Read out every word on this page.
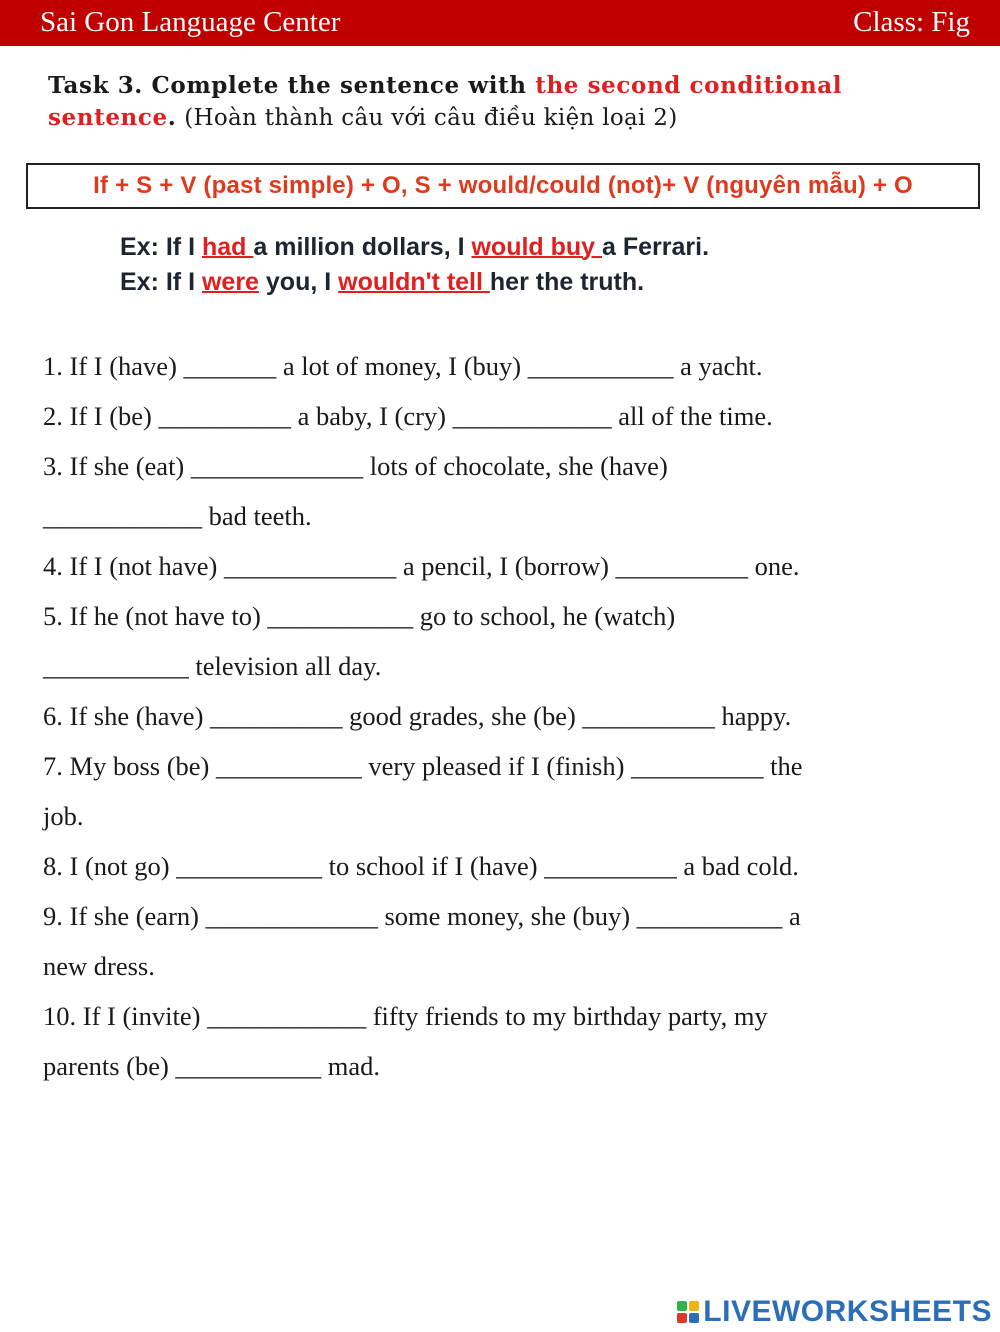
Sai Gon Language Center	Class: Fig
Task 3. Complete the sentence with the second conditional sentence. (Hoàn thành câu với câu điều kiện loại 2)
If + S + V (past simple) + O, S + would/could (not)+ V (nguyên mẫu) + O
Ex: If I had a million dollars, I would buy a Ferrari.
Ex: If I were you, I wouldn't tell her the truth.
1. If I (have) _______ a lot of money, I (buy) ___________ a yacht.
2. If I (be) __________ a baby, I (cry) ____________ all of the time.
3. If she (eat) _____________ lots of chocolate, she (have)
____________ bad teeth.
4. If I (not have) _____________ a pencil, I (borrow) __________ one.
5. If he (not have to) ___________ go to school, he (watch)
___________ television all day.
6. If she (have) __________ good grades, she (be) __________ happy.
7. My boss (be) ___________ very pleased if I (finish) __________ the
job.
8. I (not go) ___________ to school if I (have) __________ a bad cold.
9. If she (earn) _____________ some money, she (buy) ___________ a
new dress.
10. If I (invite) ____________ fifty friends to my birthday party, my
parents (be) ___________ mad.
LIVEWORKSHEETS
